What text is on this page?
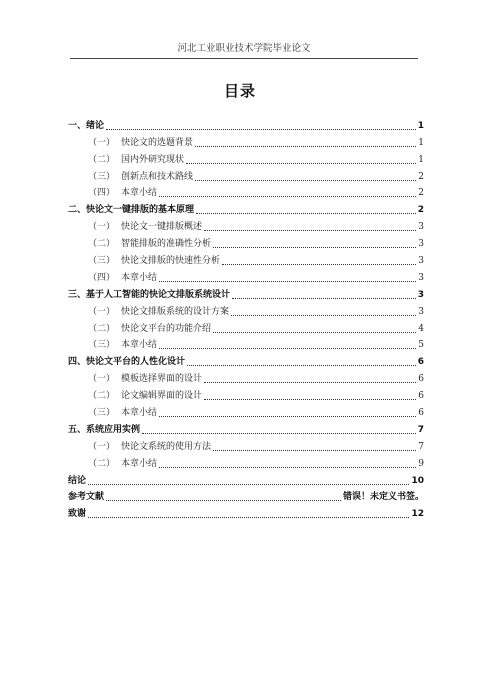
河北工业职业技术学院毕业论文
目录
一、绪论	1
（一） 快论文的选题背景	1
（二） 国内外研究现状	1
（三） 创新点和技术路线	2
（四） 本章小结	2
二、快论文一键排版的基本原理	2
（一） 快论文一键排版概述	3
（二） 智能排版的准确性分析	3
（三） 快论文排版的快速性分析	3
（四） 本章小结	3
三、基于人工智能的快论文排版系统设计	3
（一） 快论文排版系统的设计方案	3
（二） 快论文平台的功能介绍	4
（三） 本章小结	5
四、快论文平台的人性化设计	6
（一） 模板选择界面的设计	6
（二） 论文编辑界面的设计	6
（三） 本章小结	6
五、系统应用实例	7
（一） 快论文系统的使用方法	7
（二） 本章小结	9
结论	10
参考文献	错误！未定义书签。
致谢	12
